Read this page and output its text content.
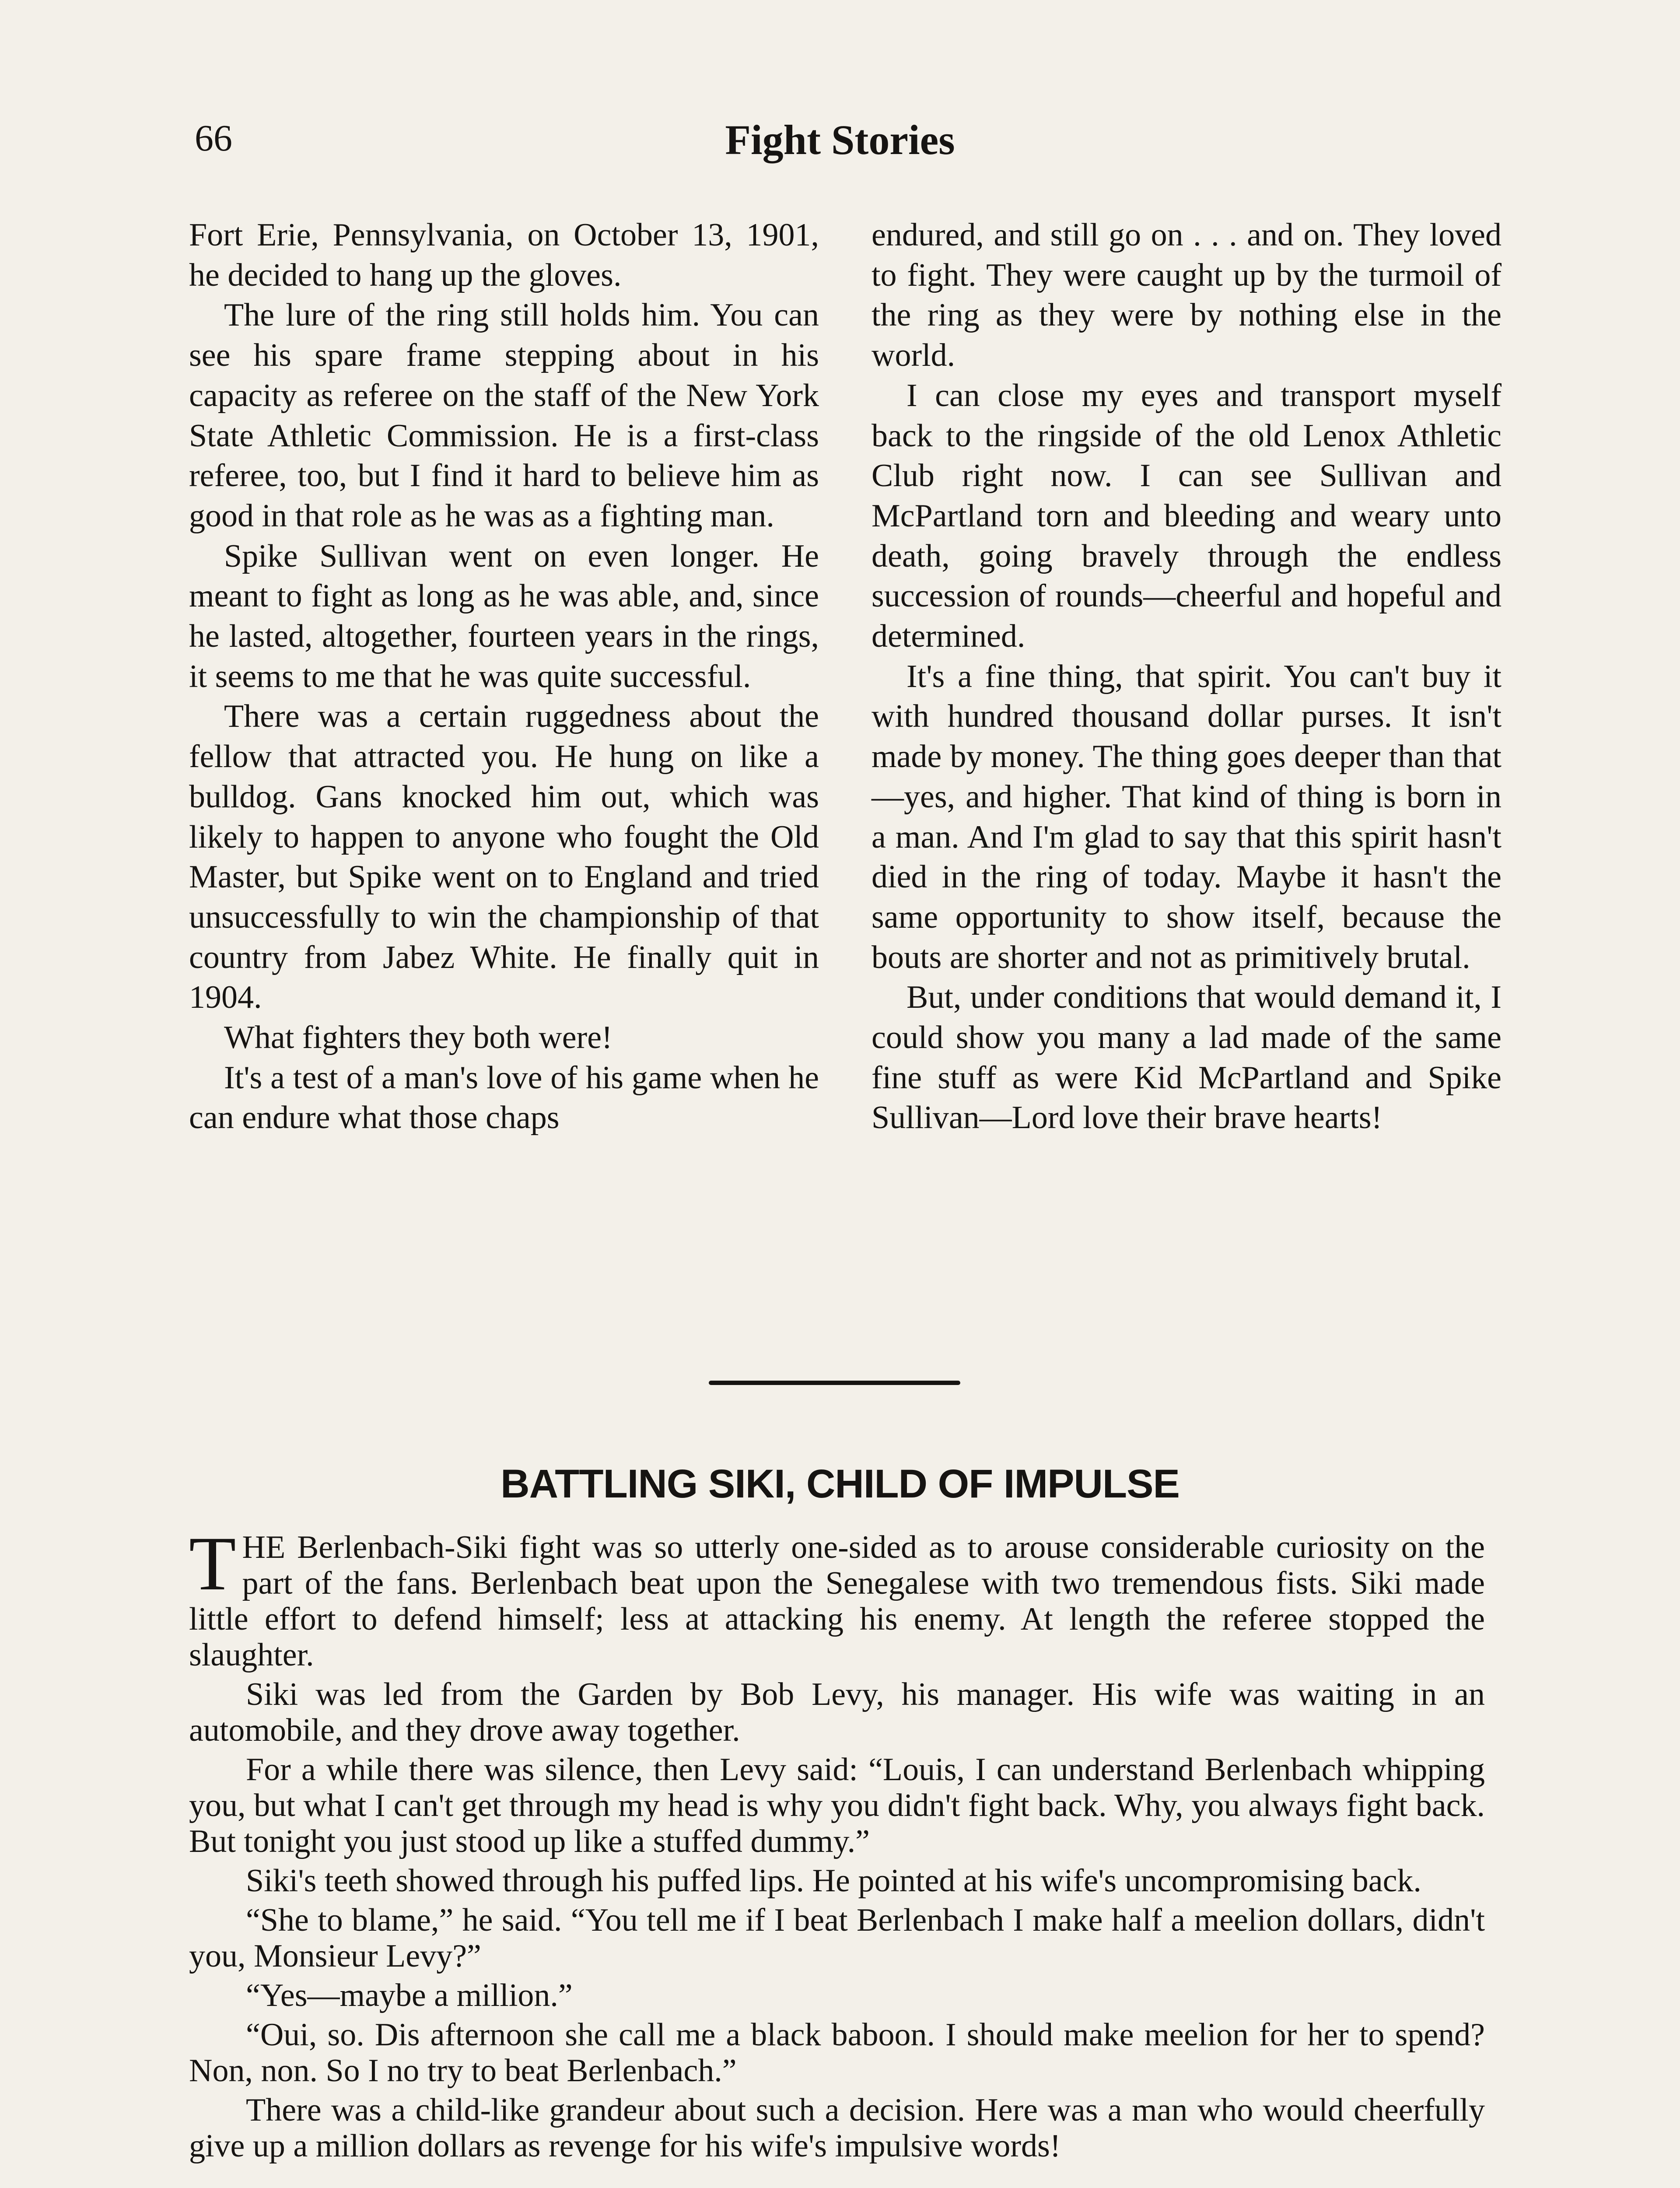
66	Fight Stories

Fort Erie, Pennsylvania, on October 13, 1901, he decided to hang up the gloves.

The lure of the ring still holds him. You can see his spare frame stepping about in his capacity as referee on the staff of the New York State Athletic Commission. He is a first-class referee, too, but I find it hard to believe him as good in that role as he was as a fighting man.

Spike Sullivan went on even longer. He meant to fight as long as he was able, and, since he lasted, altogether, fourteen years in the rings, it seems to me that he was quite successful.

There was a certain ruggedness about the fellow that attracted you. He hung on like a bulldog. Gans knocked him out, which was likely to happen to anyone who fought the Old Master, but Spike went on to England and tried unsuccessfully to win the championship of that country from Jabez White. He finally quit in 1904.

What fighters they both were!

It's a test of a man's love of his game when he can endure what those chaps

endured, and still go on . . . and on. They loved to fight. They were caught up by the turmoil of the ring as they were by nothing else in the world.

I can close my eyes and transport myself back to the ringside of the old Lenox Athletic Club right now. I can see Sullivan and McPartland torn and bleeding and weary unto death, going bravely through the endless succession of rounds—cheerful and hopeful and determined.

It's a fine thing, that spirit. You can't buy it with hundred thousand dollar purses. It isn't made by money. The thing goes deeper than that—yes, and higher. That kind of thing is born in a man. And I'm glad to say that this spirit hasn't died in the ring of today. Maybe it hasn't the same opportunity to show itself, because the bouts are shorter and not as primitively brutal.

But, under conditions that would demand it, I could show you many a lad made of the same fine stuff as were Kid McPartland and Spike Sullivan—Lord love their brave hearts!

BATTLING SIKI, CHILD OF IMPULSE

THE Berlenbach-Siki fight was so utterly one-sided as to arouse considerable curiosity on the part of the fans. Berlenbach beat upon the Senegalese with two tremendous fists. Siki made little effort to defend himself; less at attacking his enemy. At length the referee stopped the slaughter.

Siki was led from the Garden by Bob Levy, his manager. His wife was waiting in an automobile, and they drove away together.

For a while there was silence, then Levy said: “Louis, I can understand Berlenbach whipping you, but what I can't get through my head is why you didn't fight back. Why, you always fight back. But tonight you just stood up like a stuffed dummy.”

Siki's teeth showed through his puffed lips. He pointed at his wife's uncompromising back.

“She to blame,” he said. “You tell me if I beat Berlenbach I make half a meelion dollars, didn't you, Monsieur Levy?”

“Yes—maybe a million.”

“Oui, so. Dis afternoon she call me a black baboon. I should make meelion for her to spend? Non, non. So I no try to beat Berlenbach.”

There was a child-like grandeur about such a decision. Here was a man who would cheerfully give up a million dollars as revenge for his wife's impulsive words!
